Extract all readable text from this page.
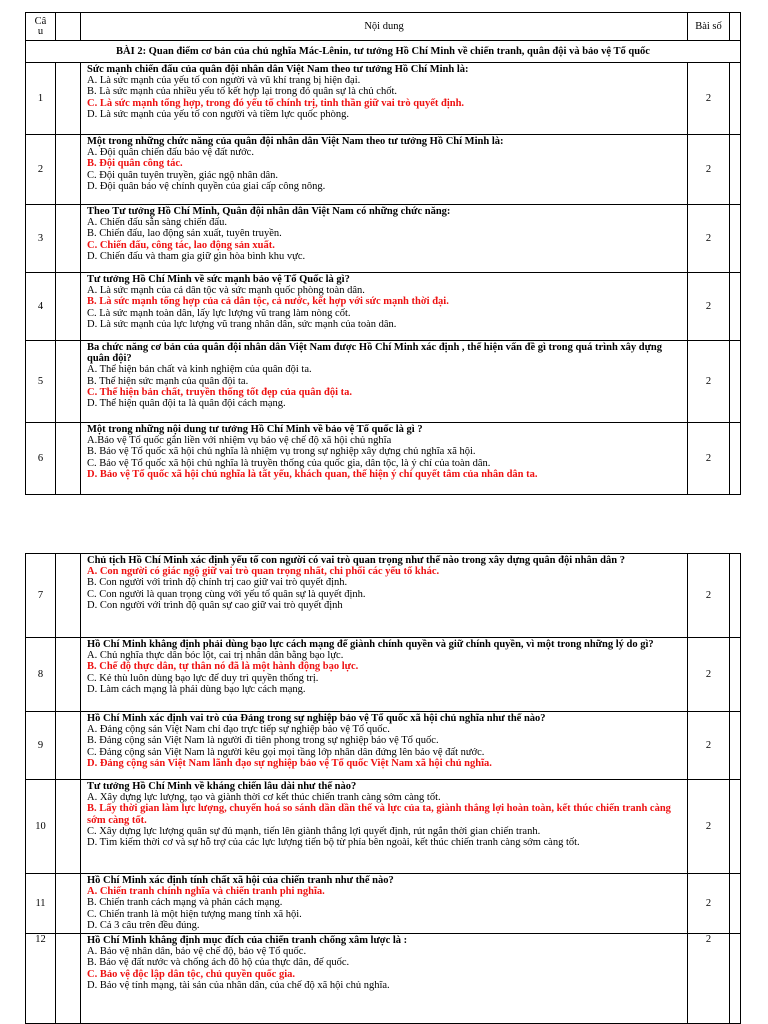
Câ
u		Nội dung	Bài số	
BÀI 2: Quan điểm cơ bản của chủ nghĩa Mác-Lênin, tư tưởng Hồ Chí Minh về chiến tranh, quân đội và bảo vệ Tổ quốc				
1		Sức mạnh chiến đấu của quân đội nhân dân Việt Nam theo tư tưởng Hồ Chí Minh là:
A. Là sức mạnh của yếu tố con người và vũ khí trang bị hiện đại.
B. Là sức mạnh của nhiều yếu tố kết hợp lại trong đó quân sự là chủ chốt.
C. Là sức mạnh tổng hợp, trong đó yếu tố chính trị, tinh thần giữ vai trò quyết định.
D. Là sức mạnh của yếu tố con người và tiềm lực quốc phòng.	2	
2		Một trong những chức năng của quân đội nhân dân Việt Nam theo tư tưởng Hồ Chí Minh là:
A. Đội quân chiến đấu bảo vệ đất nước.
B. Đội quân công tác.
C. Đội quân tuyên truyền, giác ngộ nhân dân.
D. Đội quân bảo vệ chính quyền của giai cấp công nông.	2	
3		Theo Tư tưởng Hồ Chí Minh, Quân đội nhân dân Việt Nam có những chức năng:
A. Chiến đấu sẵn sàng chiến đấu.
B. Chiến đấu, lao động sản xuất, tuyên truyền.
C. Chiến đấu, công tác, lao động sản xuất.
D. Chiến đấu và tham gia giữ gìn hòa bình khu vực.	2	
4		Tư tưởng Hồ Chí Minh về sức mạnh bảo vệ Tổ Quốc là gì?
A. Là sức mạnh của cả dân tộc và sức mạnh quốc phòng toàn dân.
B. Là sức mạnh tổng hợp của cả dân tộc, cả nước, kết hợp với sức mạnh thời đại.
C. Là sức mạnh toàn dân, lấy lực lượng vũ trang làm nòng cốt.
D. Là sức mạnh của lực lượng vũ trang nhân dân, sức mạnh của toàn dân.	2	
5		Ba chức năng cơ bản của quân đội nhân dân Việt Nam được Hồ Chí Minh xác định , thể hiện vấn đề gì trong quá trình xây dựng quân đội?
A. Thể hiện bản chất và kinh nghiệm của quân đội ta.
B. Thể hiện sức mạnh của quân đội ta.
C. Thể hiện bản chất, truyền thống tốt đẹp của quân đội ta.
D. Thể hiện quân đội ta là quân đội cách mạng.	2	
6		Một trong những nội dung tư tưởng Hồ Chí Minh về bảo vệ Tổ quốc là gì ?
A.Bảo vệ Tổ quốc gắn liền với nhiệm vụ bảo vệ chế độ xã hội chủ nghĩa
B. Bảo vệ Tổ quốc xã hội chủ nghĩa là nhiệm vụ trong sự nghiệp xây dựng chủ nghĩa xã hội.
C. Bảo vệ Tổ quốc xã hội chủ nghĩa là truyền thống của quốc gia, dân tộc, là ý chí của toàn dân.
D. Bảo vệ Tổ quốc xã hội chủ nghĩa là tất yếu, khách quan, thể hiện ý chí quyết tâm của nhân dân ta.	2	
7		Chủ tịch Hồ Chí Minh xác định yếu tố con người có vai trò quan trọng như thế nào trong xây dựng quân đội nhân dân ?
A. Con người có giác ngộ giữ vai trò quan trọng nhất, chi phối các yếu tố khác.
B. Con người với trình độ chính trị cao giữ vai trò quyết định.
C. Con người là quan trọng cùng với yếu tố quân sự là quyết định.
D. Con người với trình độ quân sự cao giữ vai trò quyết định	2	
8		Hồ Chí Minh khẳng định phải dùng bạo lực cách mạng để giành chính quyền và giữ chính quyền, vì một trong những lý do gì?
A. Chủ nghĩa thực dân bóc lột, cai trị nhân dân bằng bạo lực.
B. Chế độ thực dân, tự thân nó đã là một hành động bạo lực.
C. Kẻ thù luôn dùng bạo lực để duy trì quyền thống trị.
D. Làm cách mạng là phải dùng bạo lực cách mạng.	2	
9		Hồ Chí Minh xác định vai trò của Đảng trong sự nghiệp bảo vệ Tổ quốc xã hội chủ nghĩa như thế nào?
A. Đảng cộng sản Việt Nam chỉ đạo trực tiếp sự nghiệp bảo vệ Tổ quốc.
B. Đảng cộng sản Việt Nam là người đi tiên phong trong sự nghiệp bảo vệ Tổ quốc.
C. Đảng cộng sản Việt Nam là người kêu gọi mọi tầng lớp nhân dân đứng lên bảo vệ đất nước.
D. Đảng cộng sản Việt Nam lãnh đạo sự nghiệp bảo vệ Tổ quốc Việt Nam xã hội chủ nghĩa.	2	
10		Tư tưởng Hồ Chí Minh về kháng chiến lâu dài như thế nào?
A. Xây dựng lực lượng, tạo và giành thời cơ kết thúc chiến tranh càng sớm càng tốt.
B. Lấy thời gian làm lực lượng, chuyển hoá so sánh dần dần thế và lực của ta, giành thắng lợi hoàn toàn, kết thúc chiến tranh càng sớm càng tốt.
C. Xây dựng lực lượng quân sự đủ mạnh, tiến lên giành thắng lợi quyết định, rút ngắn thời gian chiến tranh.
D. Tìm kiếm thời cơ và sự hỗ trợ của các lực lượng tiến bộ từ phía bên ngoài, kết thúc chiến tranh càng sớm càng tốt.	2	
11		Hồ Chí Minh xác định tính chất xã hội của chiến tranh như thế nào?
A. Chiến tranh chính nghĩa và chiến tranh phi nghĩa.
B. Chiến tranh cách mạng và phản cách mạng.
C. Chiến tranh là một hiện tượng mang tính xã hội.
D. Cả 3 câu trên đều đúng.	2	
12		Hồ Chí Minh khẳng định mục đích của chiến tranh chống xâm lược là :
A. Bảo vệ nhân dân, bảo vệ chế độ, bảo vệ Tổ quốc.
B. Bảo vệ đất nước và chống ách đô hộ của thực dân, đế quốc.
C. Bảo vệ độc lập dân tộc, chủ quyền quốc gia.
D. Bảo vệ tính mạng, tài sản của nhân dân, của chế độ xã hội chủ nghĩa.	2	
